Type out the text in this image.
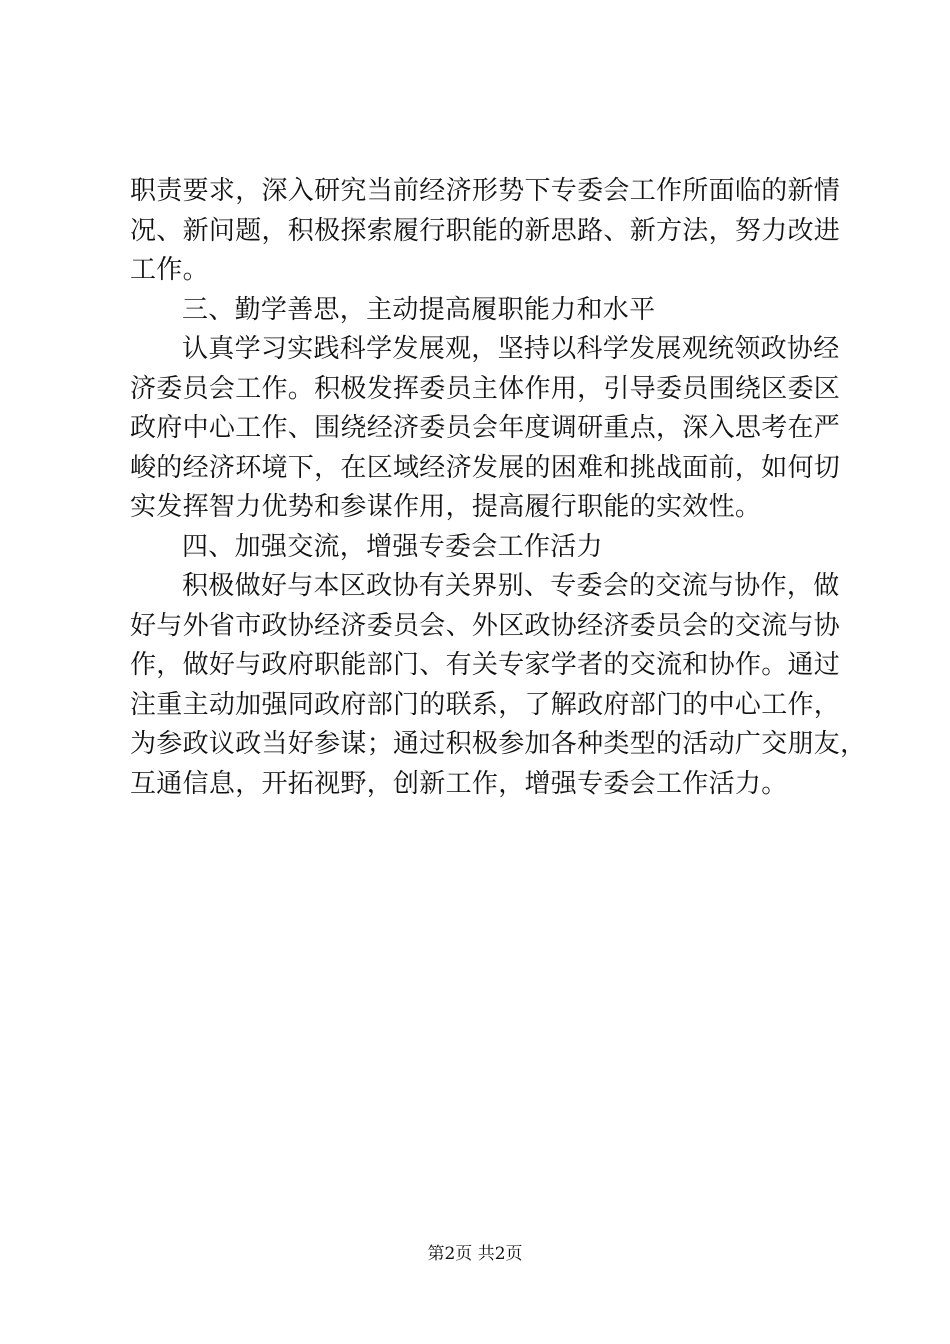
职责要求，深入研究当前经济形势下专委会工作所面临的新情
况、新问题，积极探索履行职能的新思路、新方法，努力改进
工作。
三、勤学善思，主动提高履职能力和水平
认真学习实践科学发展观，坚持以科学发展观统领政协经
济委员会工作。积极发挥委员主体作用，引导委员围绕区委区
政府中心工作、围绕经济委员会年度调研重点，深入思考在严
峻的经济环境下，在区域经济发展的困难和挑战面前，如何切
实发挥智力优势和参谋作用，提高履行职能的实效性。
四、加强交流，增强专委会工作活力
积极做好与本区政协有关界别、专委会的交流与协作，做
好与外省市政协经济委员会、外区政协经济委员会的交流与协
作，做好与政府职能部门、有关专家学者的交流和协作。通过
注重主动加强同政府部门的联系，了解政府部门的中心工作，
为参政议政当好参谋；通过积极参加各种类型的活动广交朋友，
互通信息，开拓视野，创新工作，增强专委会工作活力。
第2页 共2页
